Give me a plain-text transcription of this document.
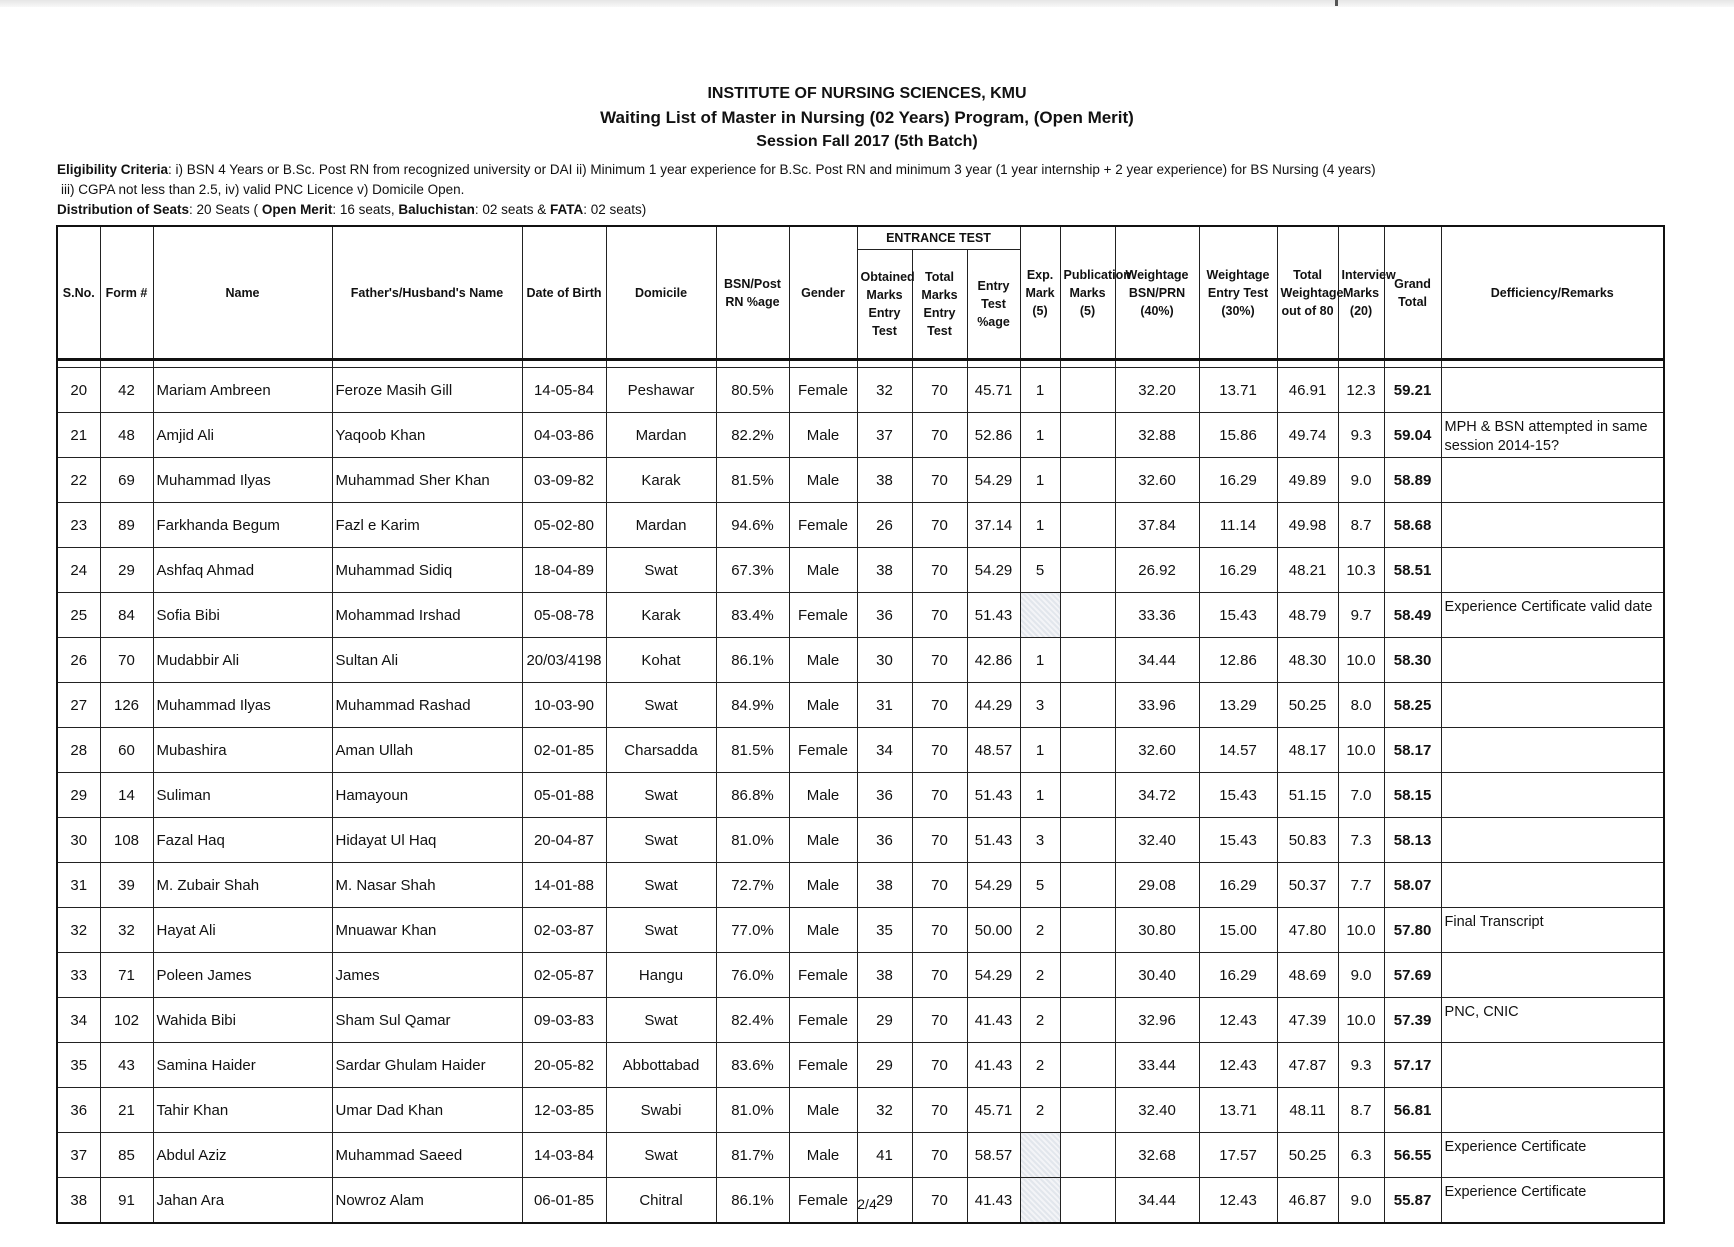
INSTITUTE OF NURSING SCIENCES, KMU
Waiting List of Master in Nursing (02 Years) Program, (Open Merit)
Session Fall 2017 (5th Batch)
Eligibility Criteria: i) BSN 4 Years or B.Sc. Post RN from recognized university or DAI ii) Minimum 1 year experience for B.Sc. Post RN and minimum 3 year (1 year internship + 2 year experience) for BS Nursing (4 years)
iii) CGPA not less than 2.5, iv) valid PNC Licence v) Domicile Open.
Distribution of Seats: 20 Seats ( Open Merit: 16 seats, Baluchistan: 02 seats & FATA: 02 seats)
S.No.	Form #	Name	Father's/Husband's Name	Date of Birth	Domicile	BSN/Post RN %age	Gender	ENTRANCE TEST			Exp. Mark (5)	Publication Marks (5)	Weightage BSN/PRN (40%)	Weightage Entry Test (30%)	Total Weightage out of 80	Interview Marks (20)	Grand Total	Defficiency/Remarks
								Obtained Marks Entry Test	Total Marks Entry Test	Entry Test %age								

20	42	Mariam Ambreen	Feroze Masih Gill	14-05-84	Peshawar	80.5%	Female	32	70	45.71	1		32.20	13.71	46.91	12.3	59.21	
21	48	Amjid Ali	Yaqoob Khan	04-03-86	Mardan	82.2%	Male	37	70	52.86	1		32.88	15.86	49.74	9.3	59.04	MPH & BSN attempted in same session 2014-15?
22	69	Muhammad Ilyas	Muhammad Sher Khan	03-09-82	Karak	81.5%	Male	38	70	54.29	1		32.60	16.29	49.89	9.0	58.89	
23	89	Farkhanda Begum	Fazl e Karim	05-02-80	Mardan	94.6%	Female	26	70	37.14	1		37.84	11.14	49.98	8.7	58.68	
24	29	Ashfaq Ahmad	Muhammad Sidiq	18-04-89	Swat	67.3%	Male	38	70	54.29	5		26.92	16.29	48.21	10.3	58.51	
25	84	Sofia Bibi	Mohammad Irshad	05-08-78	Karak	83.4%	Female	36	70	51.43			33.36	15.43	48.79	9.7	58.49	Experience Certificate valid date
26	70	Mudabbir Ali	Sultan Ali	20/03/4198	Kohat	86.1%	Male	30	70	42.86	1		34.44	12.86	48.30	10.0	58.30	
27	126	Muhammad Ilyas	Muhammad Rashad	10-03-90	Swat	84.9%	Male	31	70	44.29	3		33.96	13.29	50.25	8.0	58.25	
28	60	Mubashira	Aman Ullah	02-01-85	Charsadda	81.5%	Female	34	70	48.57	1		32.60	14.57	48.17	10.0	58.17	
29	14	Suliman	Hamayoun	05-01-88	Swat	86.8%	Male	36	70	51.43	1		34.72	15.43	51.15	7.0	58.15	
30	108	Fazal Haq	Hidayat Ul Haq	20-04-87	Swat	81.0%	Male	36	70	51.43	3		32.40	15.43	50.83	7.3	58.13	
31	39	M. Zubair Shah	M. Nasar Shah	14-01-88	Swat	72.7%	Male	38	70	54.29	5		29.08	16.29	50.37	7.7	58.07	
32	32	Hayat Ali	Mnuawar Khan	02-03-87	Swat	77.0%	Male	35	70	50.00	2		30.80	15.00	47.80	10.0	57.80	Final Transcript
33	71	Poleen James	James	02-05-87	Hangu	76.0%	Female	38	70	54.29	2		30.40	16.29	48.69	9.0	57.69	
34	102	Wahida Bibi	Sham Sul Qamar	09-03-83	Swat	82.4%	Female	29	70	41.43	2		32.96	12.43	47.39	10.0	57.39	PNC, CNIC
35	43	Samina Haider	Sardar Ghulam Haider	20-05-82	Abbottabad	83.6%	Female	29	70	41.43	2		33.44	12.43	47.87	9.3	57.17	
36	21	Tahir Khan	Umar Dad Khan	12-03-85	Swabi	81.0%	Male	32	70	45.71	2		32.40	13.71	48.11	8.7	56.81	
37	85	Abdul Aziz	Muhammad Saeed	14-03-84	Swat	81.7%	Male	41	70	58.57			32.68	17.57	50.25	6.3	56.55	Experience Certificate
38	91	Jahan Ara	Nowroz Alam	06-01-85	Chitral	86.1%	Female	29	70	41.43			34.44	12.43	46.87	9.0	55.87	Experience Certificate
2/4
